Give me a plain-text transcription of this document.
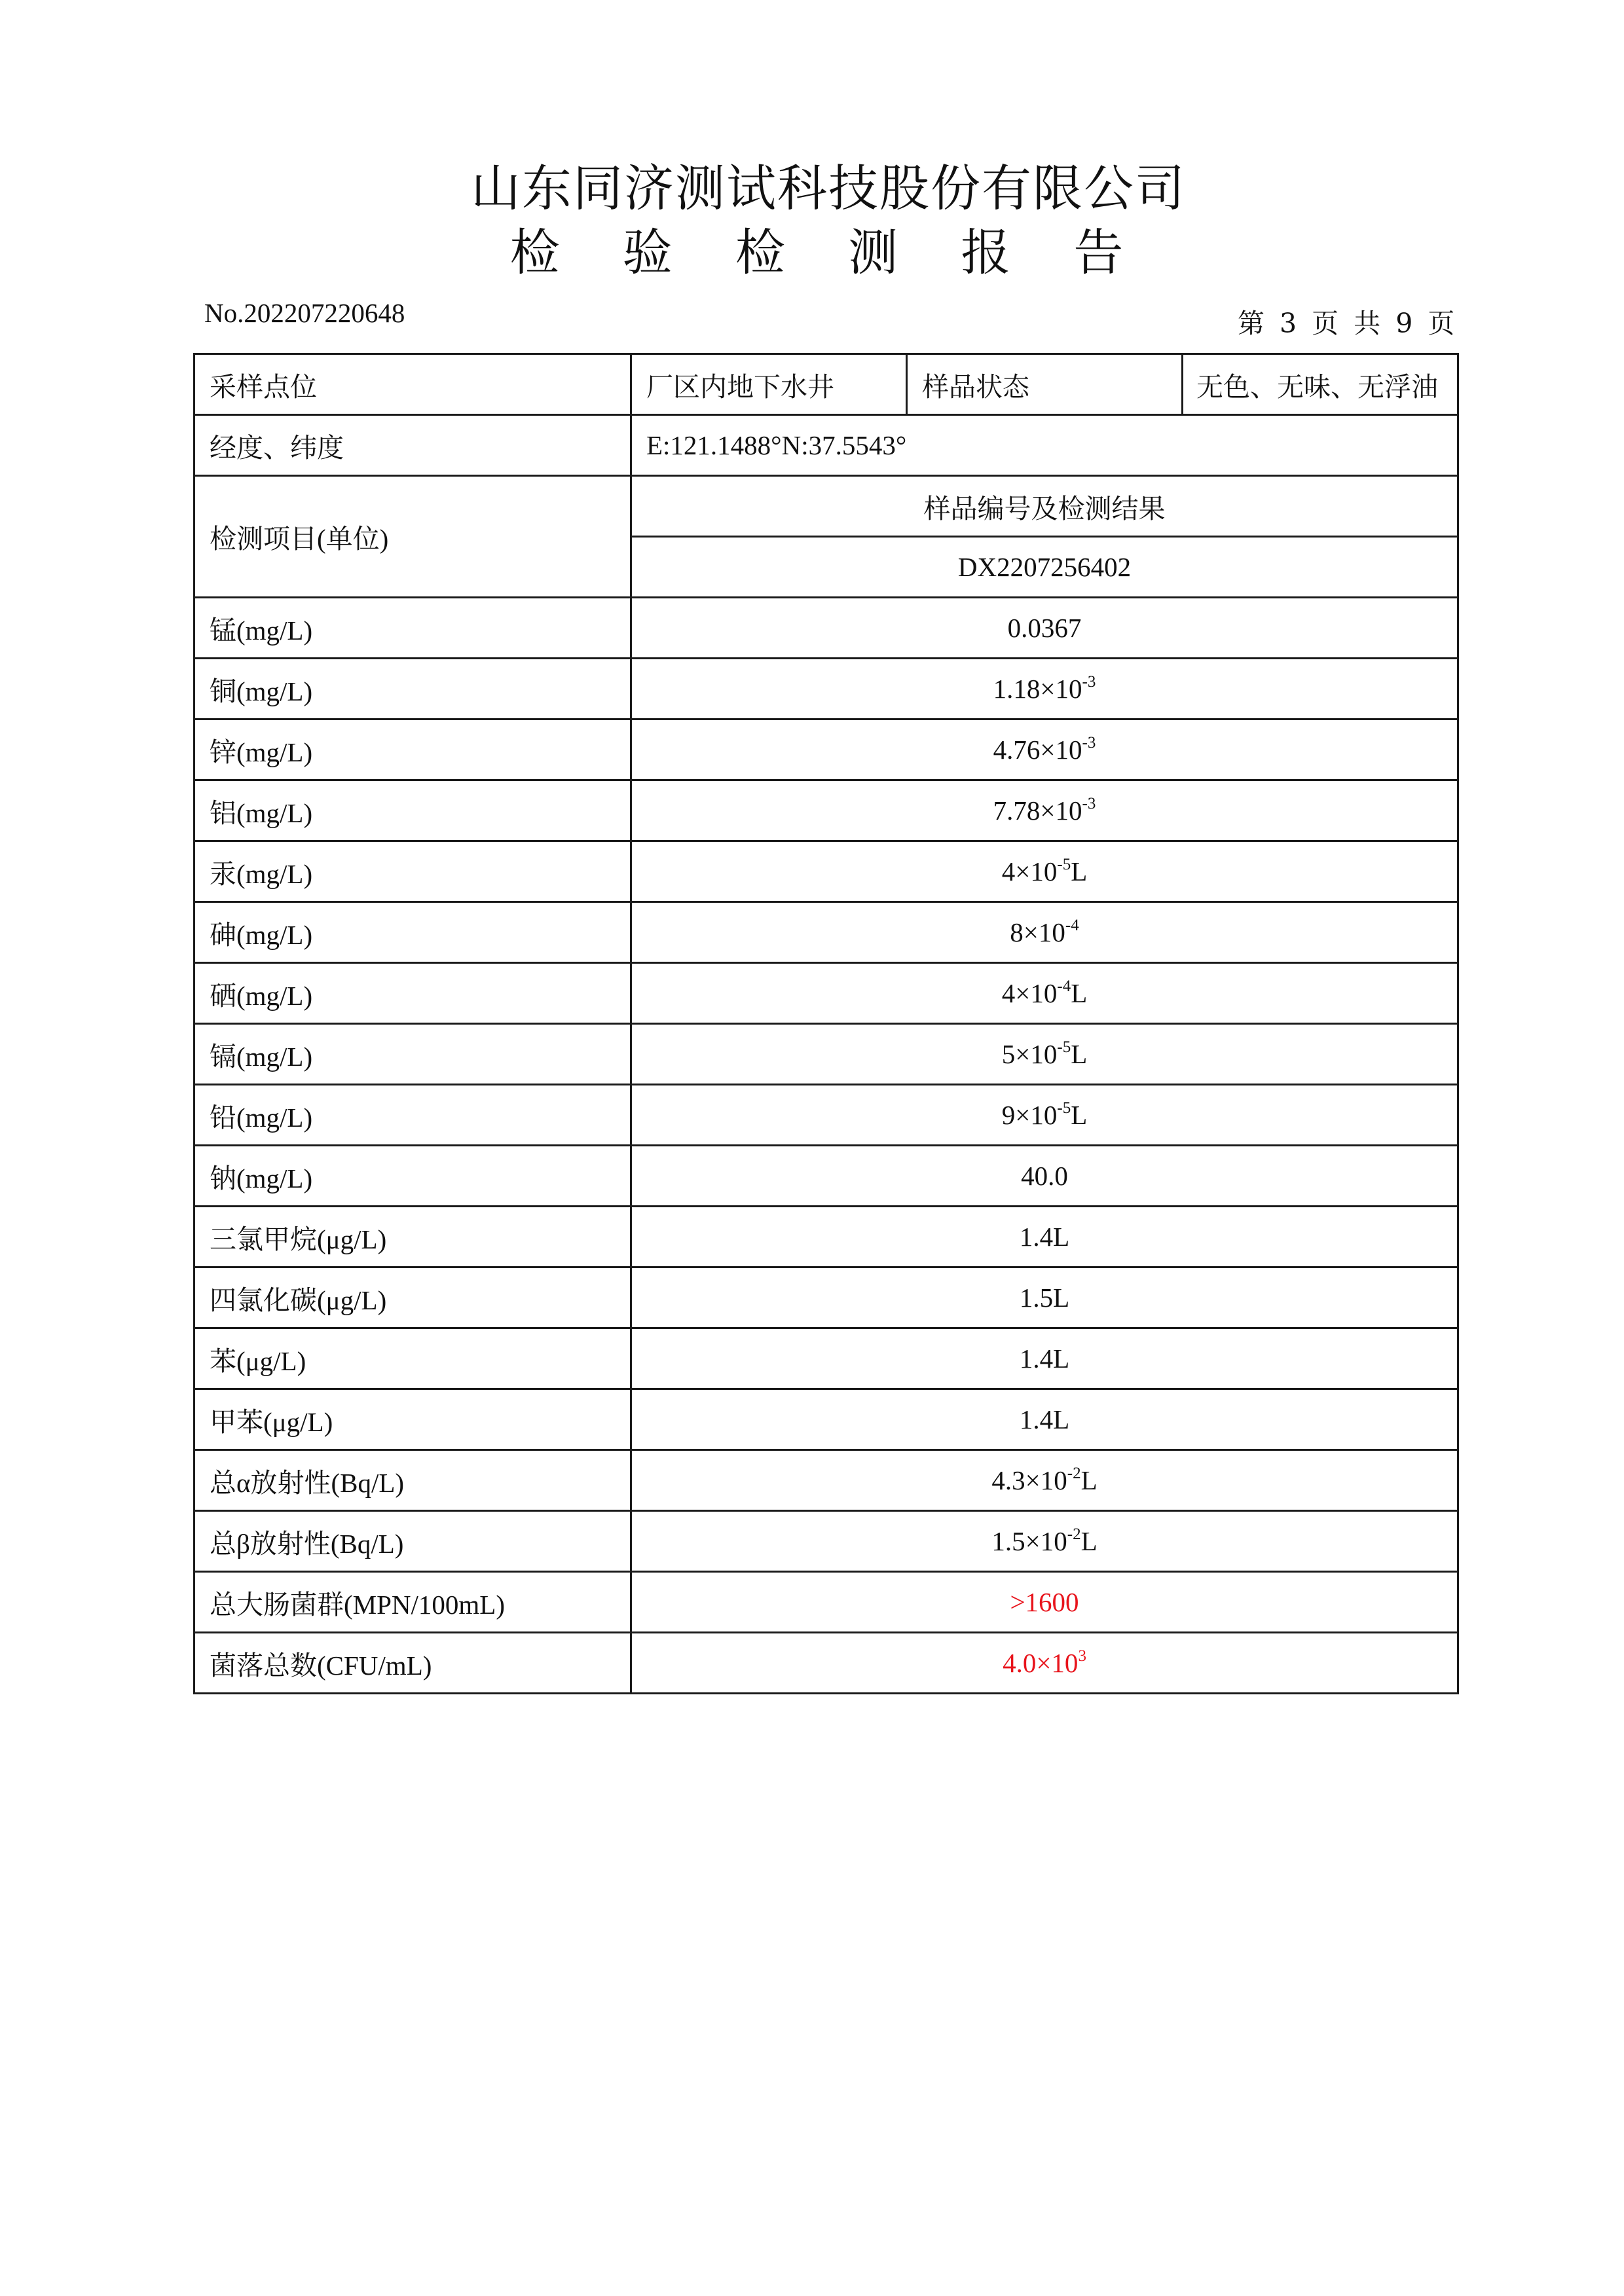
山东同济测试科技股份有限公司
检 验 检 测 报 告
No.202207220648	第 3 页 共 9 页
采样点位	厂区内地下水井	样品状态	无色、无味、无浮油
经度、纬度	E:121.1488°N:37.5543°		
检测项目(单位)	样品编号及检测结果		
	DX2207256402		
锰(mg/L)	0.0367		
铜(mg/L)	$1.18\times 10^{-3}$
锌(mg/L)	$4.76\times 10^{-3}$
铝(mg/L)	$7.78\times 10^{-3}$
汞(mg/L)	$4\times 10^{-5}L$		
砷(mg/L)	$8\times 10^{-4}$
硒(mg/L)	$4\times 10^{-4}L$		
镉(mg/L)	$5\times 10^{-5}L$		
铅(mg/L)	$9\times 10^{-5}L$		
钠(mg/L)	40.0		
三氯甲烷(μg/L)	1.4L		
四氯化碳(μg/L)	1.5L		
苯(μg/L)	1.4L		
甲苯(μg/L)	1.4L		
总α放射性(Bq/L)	$4.3\times 10^{-2}L$		
总β放射性(Bq/L)	$1.5\times 10^{-2}L$		
总大肠菌群(MPN/100mL)	>1600		
菌落总数(CFU/mL)	$4.0\times 10^3$
